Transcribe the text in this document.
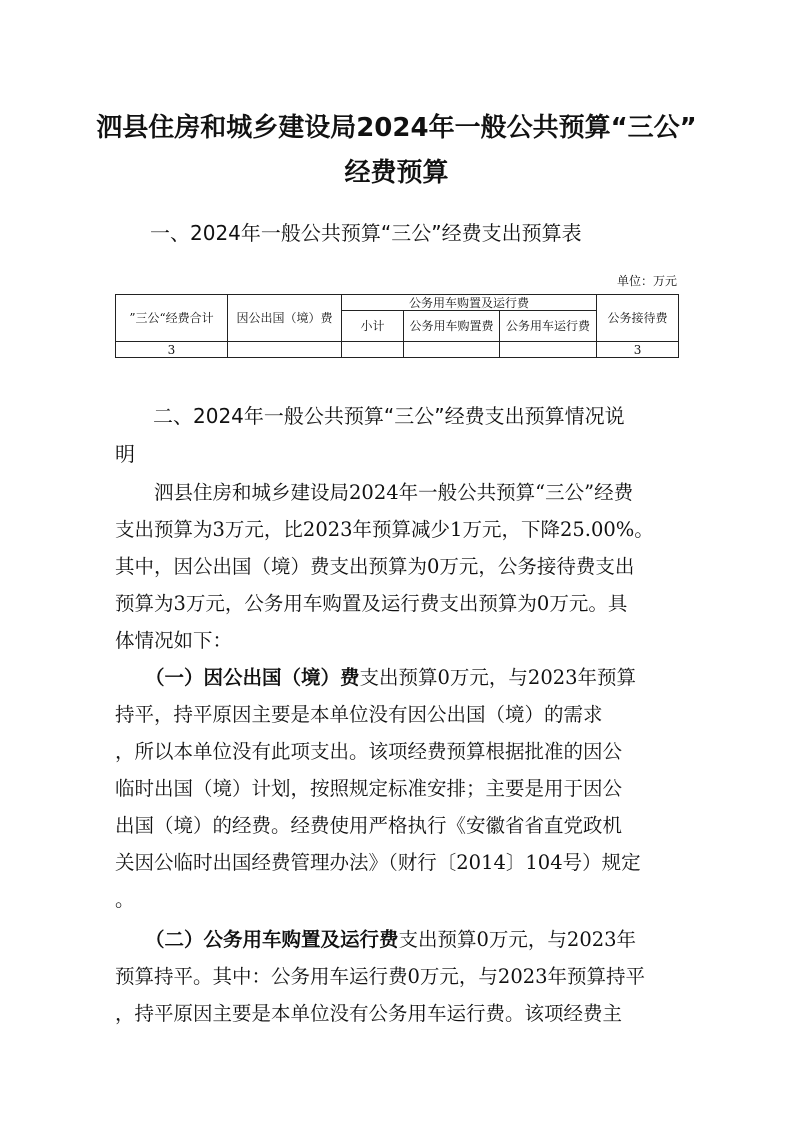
泗县住房和城乡建设局2024年一般公共预算“三公”
经费预算
一、2024年一般公共预算“三公”经费支出预算表
单位：万元
”三公“经费合计	因公出国（境）费	公务用车购置及运行费			公务接待费
		小计	公务用车购置费	公务用车运行费	
3					3
二、2024年一般公共预算“三公”经费支出预算情况说
明
　　泗县住房和城乡建设局2024年一般公共预算“三公”经费
支出预算为3万元，比2023年预算减少1万元，下降25.00%。
其中，因公出国（境）费支出预算为0万元，公务接待费支出
预算为3万元，公务用车购置及运行费支出预算为0万元。具
体情况如下：
（一）因公出国（境）费支出预算0万元，与2023年预算
持平，持平原因主要是本单位没有因公出国（境）的需求
，所以本单位没有此项支出。该项经费预算根据批准的因公
临时出国（境）计划，按照规定标准安排；主要是用于因公
出国（境）的经费。经费使用严格执行《安徽省省直党政机
关因公临时出国经费管理办法》（财行〔2014〕104号）规定
。
（二）公务用车购置及运行费支出预算0万元，与2023年
预算持平。其中：公务用车运行费0万元，与2023年预算持平
，持平原因主要是本单位没有公务用车运行费。该项经费主
